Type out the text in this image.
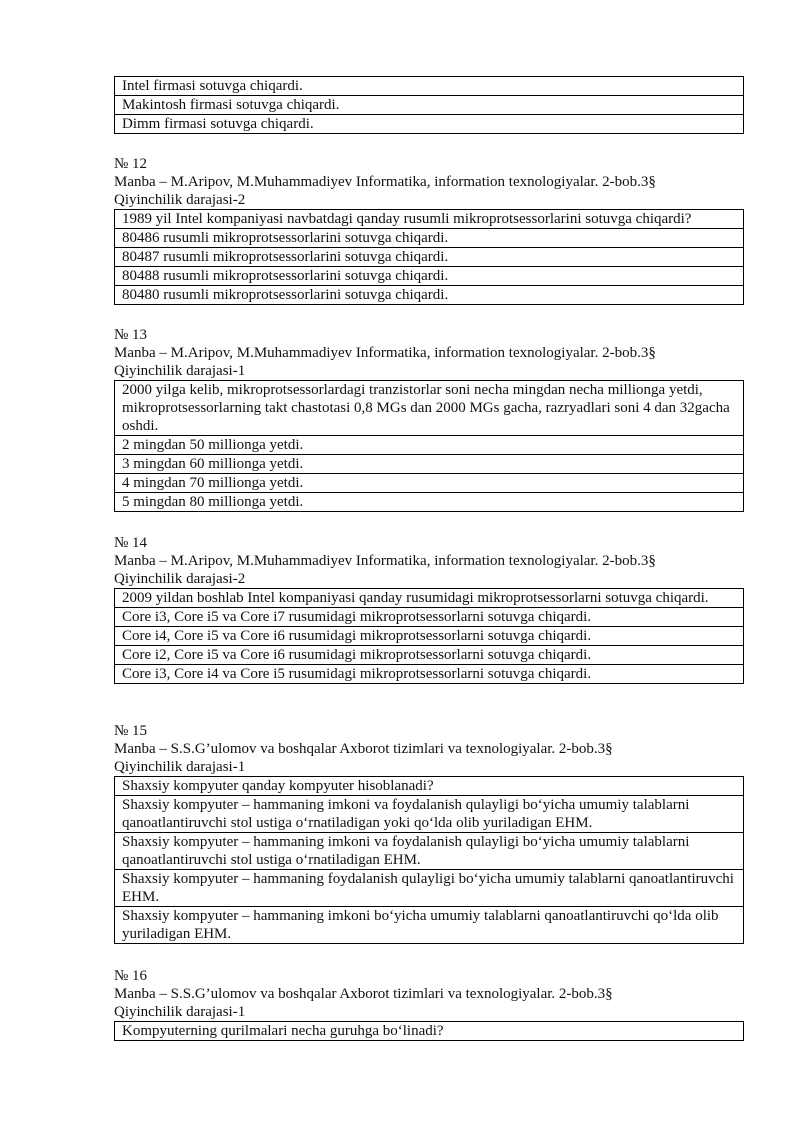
Intel firmasi sotuvga chiqardi.
Makintosh firmasi sotuvga chiqardi.
Dimm firmasi sotuvga chiqardi.
№ 12
Manba – M.Aripov, M.Muhammadiyev Informatika, information texnologiyalar. 2-bob.3§
Qiyinchilik darajasi-2
1989 yil Intel kompaniyasi navbatdagi qanday rusumli mikroprotsessorlarini sotuvga chiqardi?
80486 rusumli mikroprotsessorlarini sotuvga chiqardi.
80487 rusumli mikroprotsessorlarini sotuvga chiqardi.
80488 rusumli mikroprotsessorlarini sotuvga chiqardi.
80480 rusumli mikroprotsessorlarini sotuvga chiqardi.
№ 13
Manba – M.Aripov, M.Muhammadiyev Informatika, information texnologiyalar. 2-bob.3§
Qiyinchilik darajasi-1
2000 yilga kelib, mikroprotsessorlardagi tranzistorlar soni necha mingdan necha millionga yetdi, mikroprotsessorlarning takt chastotasi 0,8 MGs dan 2000 MGs gacha, razryadlari soni 4 dan 32gacha oshdi.
2 mingdan 50 millionga yetdi.
3 mingdan 60 millionga yetdi.
4 mingdan 70 millionga yetdi.
5 mingdan 80 millionga yetdi.
№ 14
Manba – M.Aripov, M.Muhammadiyev Informatika, information texnologiyalar. 2-bob.3§
Qiyinchilik darajasi-2
2009 yildan boshlab Intel kompaniyasi qanday rusumidagi mikroprotsessorlarni sotuvga chiqardi.
Core i3, Core i5 va Core i7 rusumidagi mikroprotsessorlarni sotuvga chiqardi.
Core i4, Core i5 va Core i6 rusumidagi mikroprotsessorlarni sotuvga chiqardi.
Core i2, Core i5 va Core i6 rusumidagi mikroprotsessorlarni sotuvga chiqardi.
Core i3, Core i4 va Core i5 rusumidagi mikroprotsessorlarni sotuvga chiqardi.
№ 15
Manba – S.S.G’ulomov va boshqalar Axborot tizimlari va texnologiyalar. 2-bob.3§
Qiyinchilik darajasi-1
Shaxsiy kompyuter qanday kompyuter hisoblanadi?
Shaxsiy kompyuter – hammaning imkoni va foydalanish qulayligi bo‘yicha umumiy talablarni qanoatlantiruvchi stol ustiga o‘rnatiladigan yoki qo‘lda olib yuriladigan EHM.
Shaxsiy kompyuter – hammaning imkoni va foydalanish qulayligi bo‘yicha umumiy talablarni qanoatlantiruvchi stol ustiga o‘rnatiladigan EHM.
Shaxsiy kompyuter – hammaning foydalanish qulayligi bo‘yicha umumiy talablarni qanoatlantiruvchi EHM.
Shaxsiy kompyuter – hammaning imkoni bo‘yicha umumiy talablarni qanoatlantiruvchi qo‘lda olib yuriladigan EHM.
№ 16
Manba – S.S.G’ulomov va boshqalar Axborot tizimlari va texnologiyalar. 2-bob.3§
Qiyinchilik darajasi-1
Kompyuterning qurilmalari necha guruhga bo‘linadi?
